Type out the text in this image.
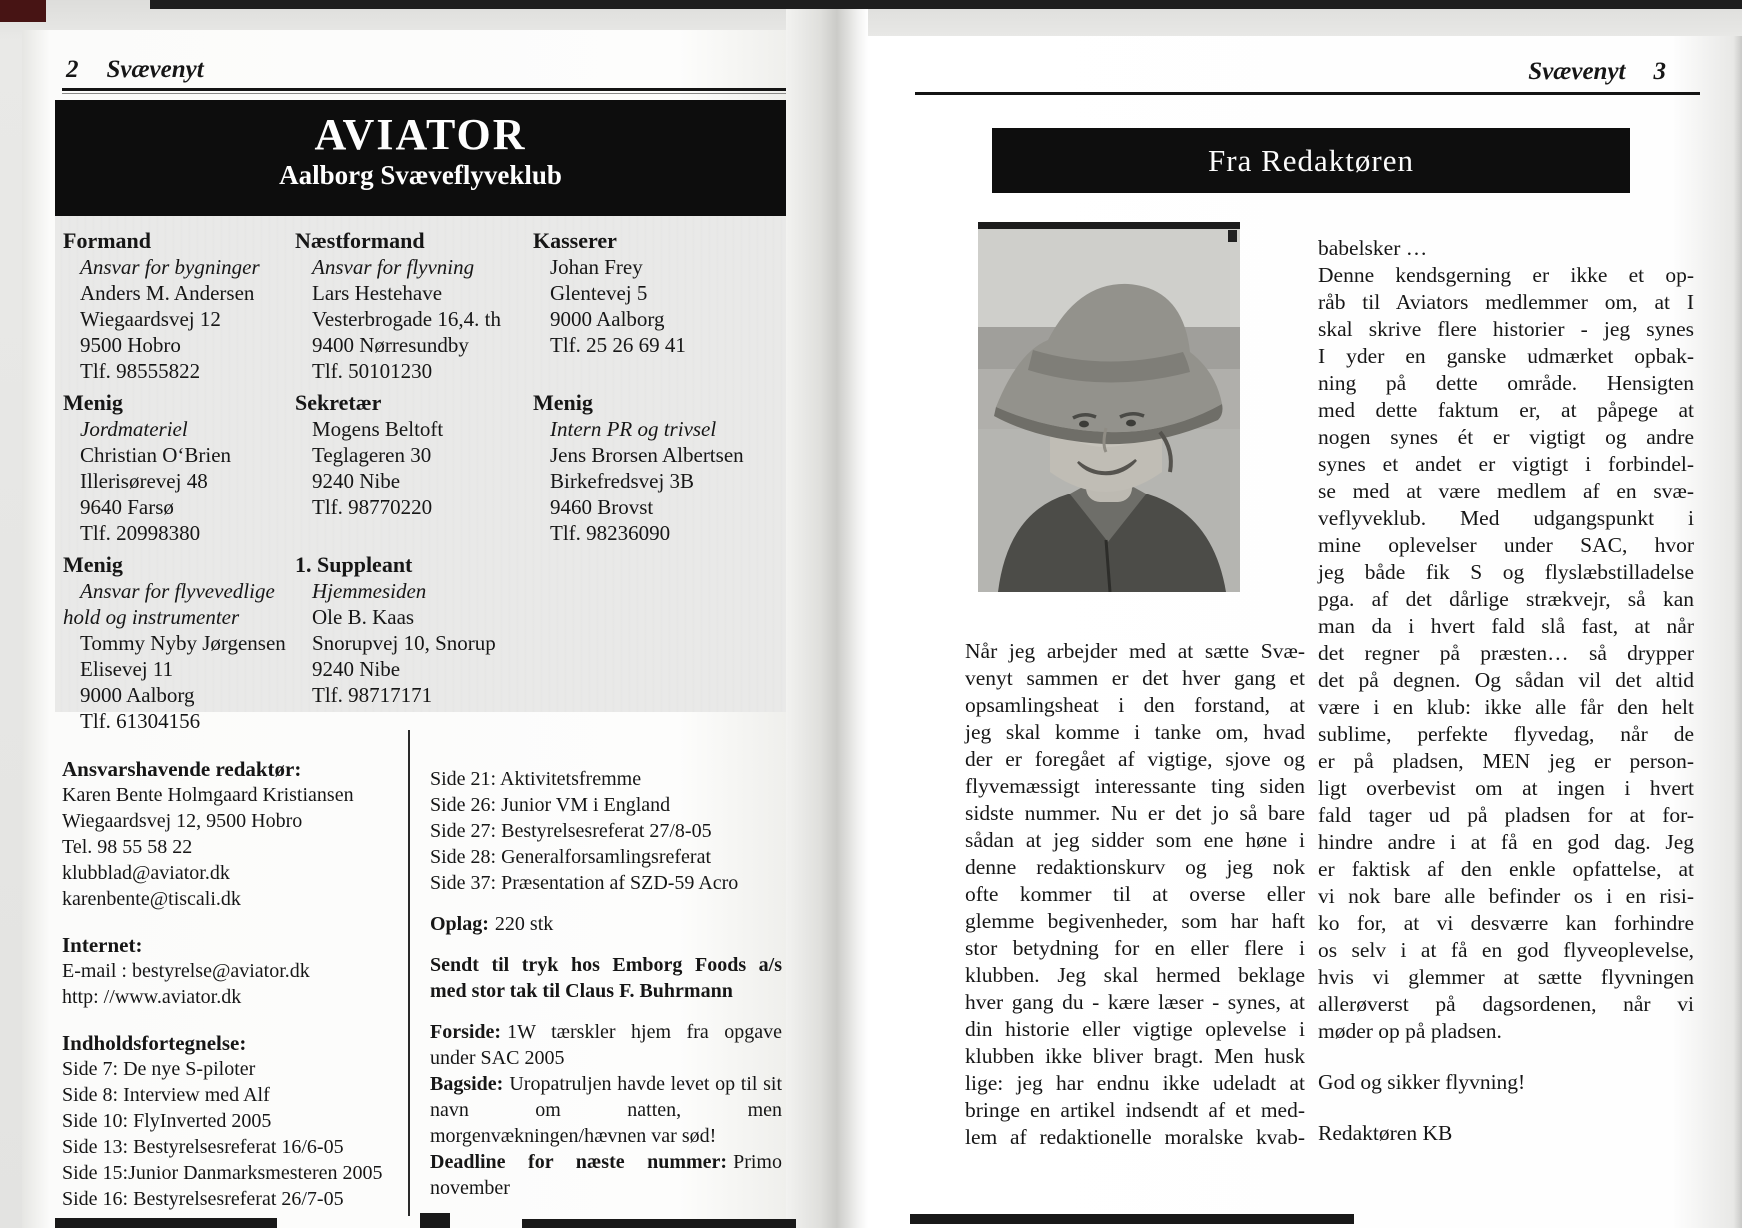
2 Svævenyt
AVIATOR
Aalborg Svæveflyveklub
Formand
Ansvar for bygninger
Anders M. Andersen
Wiegaardsvej 12
9500 Hobro
Tlf. 98555822
Menig
Jordmateriel
Christian O‘Brien
Illerisørevej 48
9640 Farsø
Tlf. 20998380
Menig
Ansvar for flyvevedlige
hold og instrumenter
Tommy Nyby Jørgensen
Elisevej 11
9000 Aalborg
Tlf. 61304156
Næstformand
Ansvar for flyvning
Lars Hestehave
Vesterbrogade 16,4. th
9400 Nørresundby
Tlf. 50101230
Sekretær
Mogens Beltoft
Teglageren 30
9240 Nibe
Tlf. 98770220
1. Suppleant
Hjemmesiden
Ole B. Kaas
Snorupvej 10, Snorup
9240 Nibe
Tlf. 98717171
Kasserer
Johan Frey
Glentevej 5
9000 Aalborg
Tlf. 25 26 69 41
Menig
Intern PR og trivsel
Jens Brorsen Albertsen
Birkefredsvej 3B
9460 Brovst
Tlf. 98236090
Ansvarshavende redaktør:
Karen Bente Holmgaard Kristiansen
Wiegaardsvej 12, 9500 Hobro
Tel. 98 55 58 22
klubblad@aviator.dk
karenbente@tiscali.dk
Internet:
E-mail : bestyrelse@aviator.dk
http: //www.aviator.dk
Indholdsfortegnelse:
Side 7: De nye S-piloter
Side 8: Interview med Alf
Side 10: FlyInverted 2005
Side 13: Bestyrelsesreferat 16/6-05
Side 15:Junior Danmarksmesteren 2005
Side 16: Bestyrelsesreferat 26/7-05
Side 21: Aktivitetsfremme
Side 26: Junior VM i England
Side 27: Bestyrelsesreferat 27/8-05
Side 28: Generalforsamlingsreferat
Side 37: Præsentation af SZD-59 Acro
Oplag: 220 stk
Sendt til tryk hos Emborg Foods a/s
med stor tak til Claus F. Buhrmann
Forside: 1W tærskler hjem fra opgave under SAC 2005
Bagside: Uropatruljen havde levet op til sit navn om natten, men morgenvækningen/hævnen var sød!
Deadline for næste nummer: Primo november
Svævenyt 3
Fra Redaktøren
Når jeg arbejder med at sætte Svæ-
venyt sammen er det hver gang et
opsamlingsheat i den forstand, at
jeg skal komme i tanke om, hvad
der er foregået af vigtige, sjove og
flyvemæssigt interessante ting siden
sidste nummer. Nu er det jo så bare
sådan at jeg sidder som ene høne i
denne redaktionskurv og jeg nok
ofte kommer til at overse eller
glemme begivenheder, som har haft
stor betydning for en eller flere i
klubben. Jeg skal hermed beklage
hver gang du - kære læser - synes, at
din historie eller vigtige oplevelse i
klubben ikke bliver bragt. Men husk
lige: jeg har endnu ikke udeladt at
bringe en artikel indsendt af et med-
lem af redaktionelle moralske kvab-
babelsker …
Denne kendsgerning er ikke et op-
råb til Aviators medlemmer om, at I
skal skrive flere historier - jeg synes
I yder en ganske udmærket opbak-
ning på dette område. Hensigten
med dette faktum er, at påpege at
nogen synes ét er vigtigt og andre
synes et andet er vigtigt i forbindel-
se med at være medlem af en svæ-
veflyveklub. Med udgangspunkt i
mine oplevelser under SAC, hvor
jeg både fik S og flyslæbstilladelse
pga. af det dårlige strækvejr, så kan
man da i hvert fald slå fast, at når
det regner på præsten… så drypper
det på degnen. Og sådan vil det altid
være i en klub: ikke alle får den helt
sublime, perfekte flyvedag, når de
er på pladsen, MEN jeg er person-
ligt overbevist om at ingen i hvert
fald tager ud på pladsen for at for-
hindre andre i at få en god dag. Jeg
er faktisk af den enkle opfattelse, at
vi nok bare alle befinder os i en risi-
ko for, at vi desværre kan forhindre
os selv i at få en god flyveoplevelse,
hvis vi glemmer at sætte flyvningen
allerøverst på dagsordenen, når vi
møder op på pladsen.
God og sikker flyvning!
Redaktøren KB
